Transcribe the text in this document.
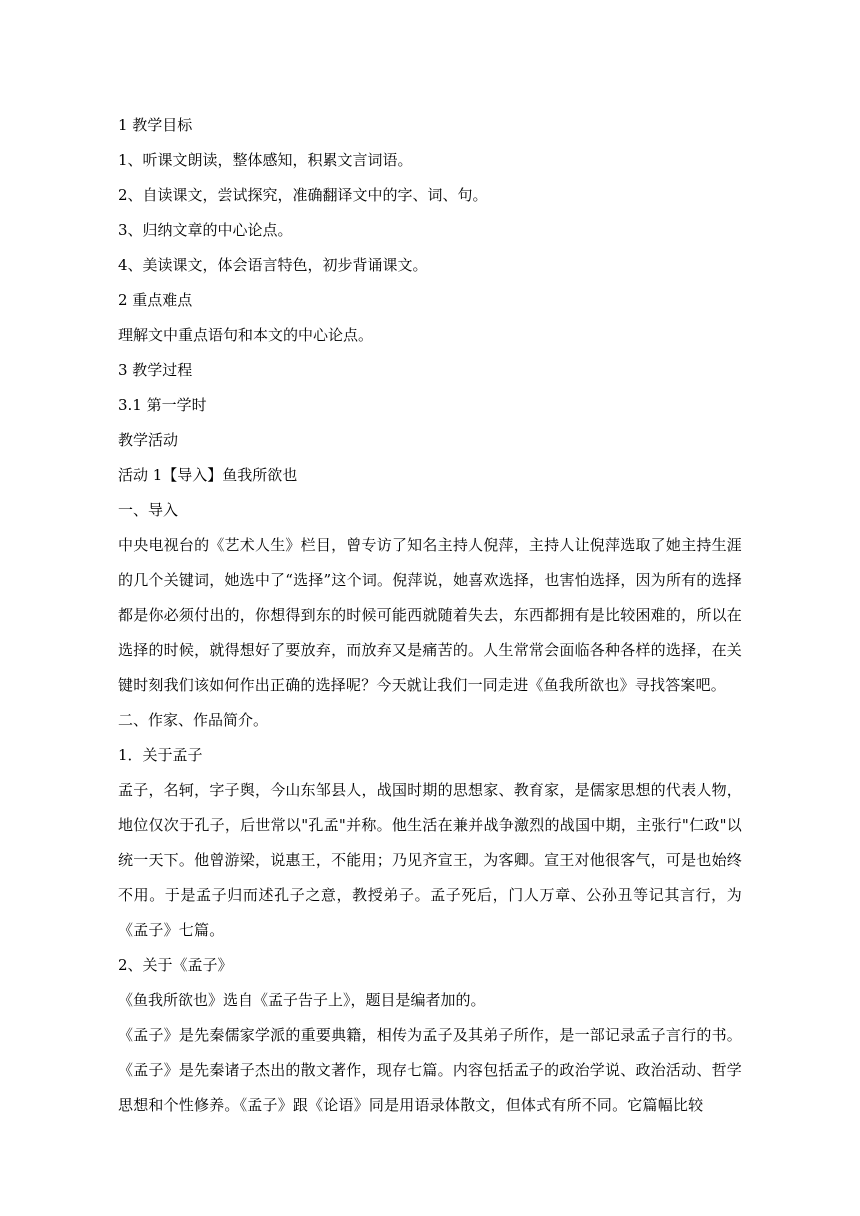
1 教学目标
1、听课文朗读，整体感知，积累文言词语。
2、自读课文，尝试探究，准确翻译文中的字、词、句。
3、归纳文章的中心论点。
4、美读课文，体会语言特色，初步背诵课文。
2 重点难点
理解文中重点语句和本文的中心论点。
3 教学过程
3.1 第一学时
教学活动
活动 1【导入】鱼我所欲也
一、导入
中央电视台的《艺术人生》栏目，曾专访了知名主持人倪萍，主持人让倪萍选取了她主持生涯的几个关键词，她选中了“选择”这个词。倪萍说，她喜欢选择，也害怕选择，因为所有的选择都是你必须付出的，你想得到东的时候可能西就随着失去，东西都拥有是比较困难的，所以在选择的时候，就得想好了要放弃，而放弃又是痛苦的。人生常常会面临各种各样的选择，在关键时刻我们该如何作出正确的选择呢？今天就让我们一同走进《鱼我所欲也》寻找答案吧。
二、作家、作品简介。
1．关于孟子
孟子，名轲，字子舆，今山东邹县人，战国时期的思想家、教育家，是儒家思想的代表人物，地位仅次于孔子，后世常以"孔孟"并称。他生活在兼并战争激烈的战国中期，主张行"仁政"以统一天下。他曾游梁，说惠王，不能用；乃见齐宣王，为客卿。宣王对他很客气，可是也始终不用。于是孟子归而述孔子之意，教授弟子。孟子死后，门人万章、公孙丑等记其言行，为《孟子》七篇。
2、关于《孟子》
《鱼我所欲也》选自《孟子告子上》，题目是编者加的。
《孟子》是先秦儒家学派的重要典籍，相传为孟子及其弟子所作，是一部记录孟子言行的书。《孟子》是先秦诸子杰出的散文著作，现存七篇。内容包括孟子的政治学说、政治活动、哲学思想和个性修养。《孟子》跟《论语》同是用语录体散文，但体式有所不同。它篇幅比较
